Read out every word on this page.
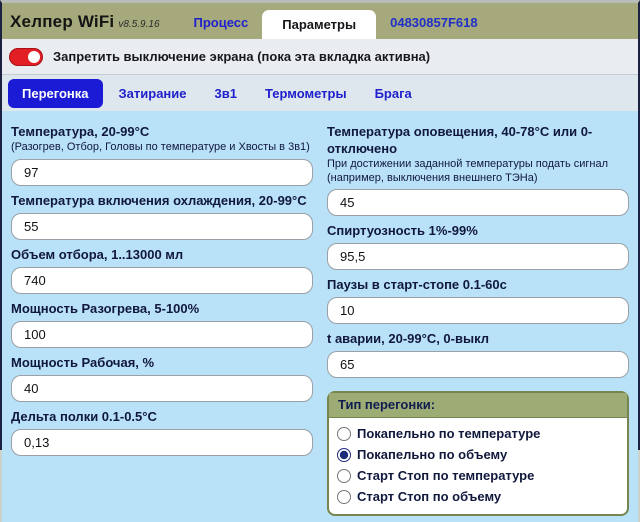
Хелпер WiFi v8.5.9.16	Процесс	Параметры	04830857F618
Запретить выключение экрана (пока эта вкладка активна)
Перегонка	Затирание	3в1	Термометры	Брага
Температура, 20-99°C
(Разогрев, Отбор, Головы по температуре и Хвосты в 3в1)
97
Температура включения охлаждения, 20-99°C
55
Объем отбора, 1..13000 мл
740
Мощность Разогрева, 5-100%
100
Мощность Рабочая, %
40
Дельта полки 0.1-0.5°C
0,13
Температура оповещения, 40-78°C или 0-отключено
При достижении заданной температуры подать сигнал (например, выключения внешнего ТЭНа)
45
Спиртуозность 1%-99%
95,5
Паузы в старт-стопе 0.1-60с
10
t аварии, 20-99°C, 0-выкл
65
Тип перегонки:
Покапельно по температуре
Покапельно по объему
Старт Стоп по температуре
Старт Стоп по объему
